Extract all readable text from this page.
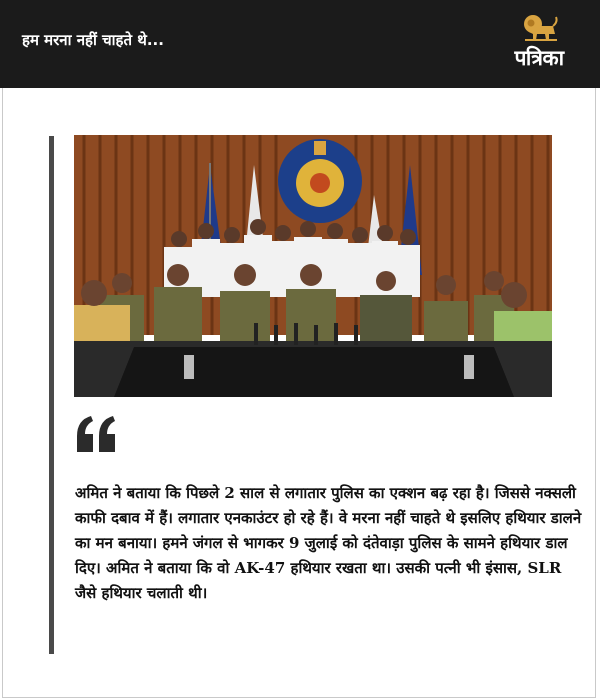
हम मरना नहीं चाहते थे...
पत्रिका

अमित ने बताया कि पिछले 2 साल से लगातार पुलिस का एक्शन बढ़ रहा है। जिससे नक्सली काफी दबाव में हैं। लगातार एनकाउंटर हो रहे हैं। वे मरना नहीं चाहते थे इसलिए हथियार डालने का मन बनाया। हमने जंगल से भागकर 9 जुलाई को दंतेवाड़ा पुलिस के सामने हथियार डाल दिए। अमित ने बताया कि वो AK-47 हथियार रखता था। उसकी पत्नी भी इंसास, SLR जैसे हथियार चलाती थी।
